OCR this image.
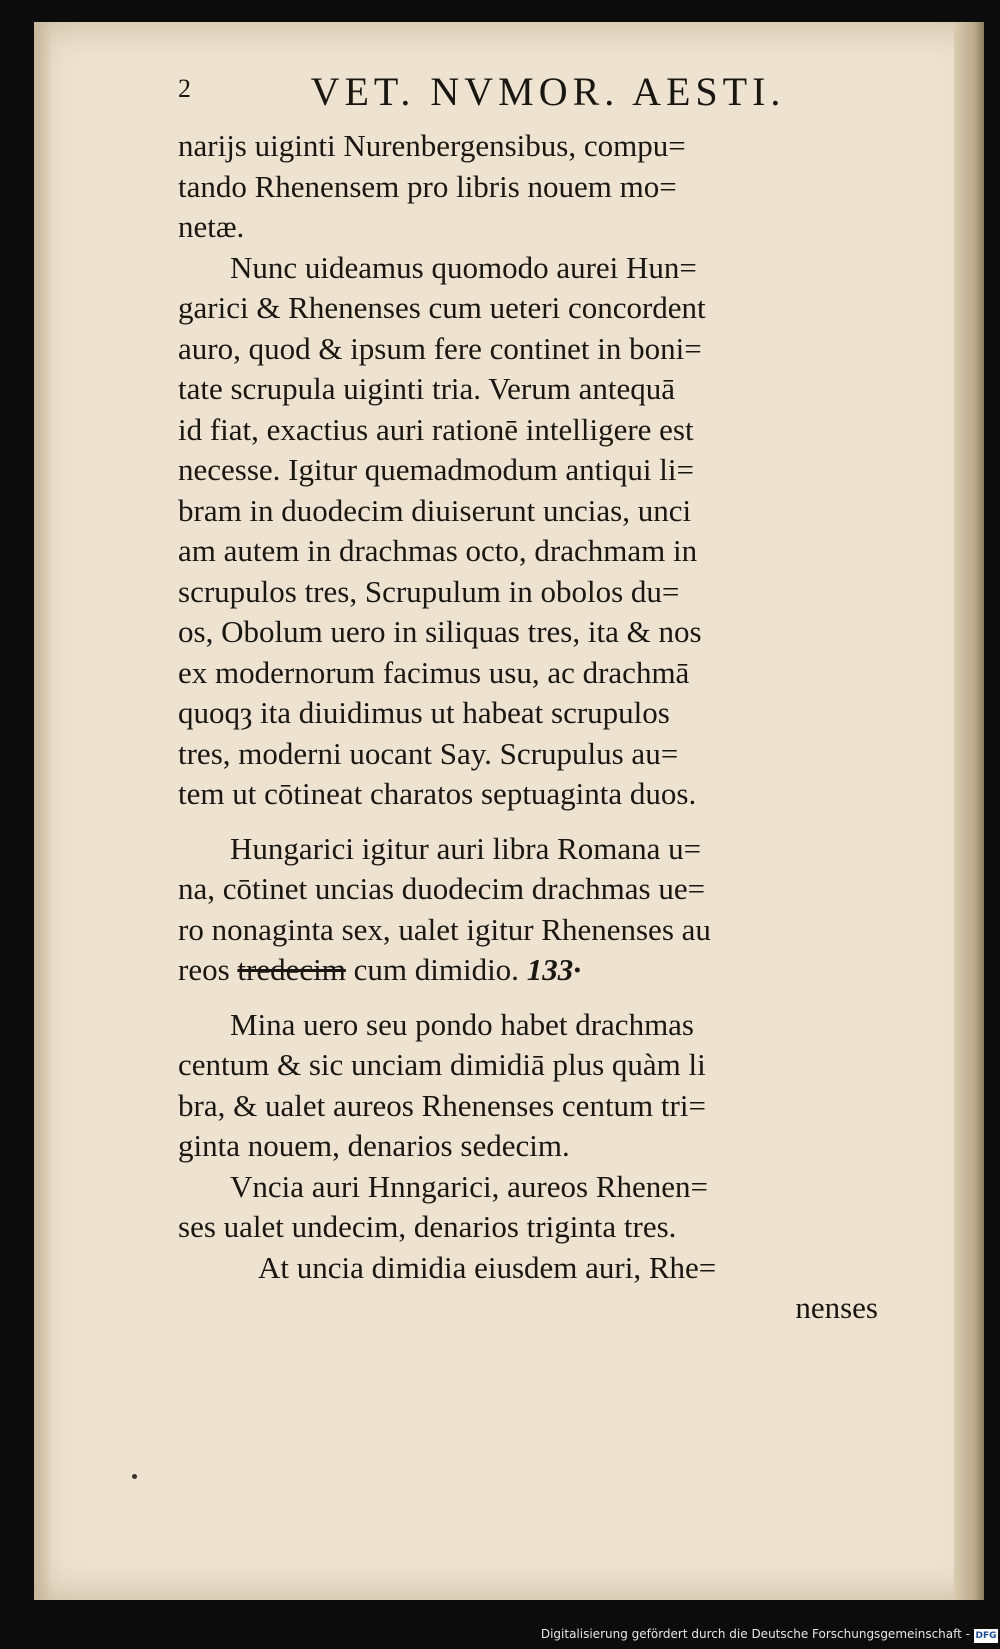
2	VET. NVMOR. AESTI.
narijs uiginti Nurenbergensibus, compu=
tando Rhenensem pro libris nouem mo=
netæ.
Nunc uideamus quomodo aurei Hun=
garici & Rhenenses cum ueteri concordent
auro, quod & ipsum fere continet in boni=
tate scrupula uiginti tria. Verum antequā
id fiat, exactius auri rationē intelligere est
necesse. Igitur quemadmodum antiqui li=
bram in duodecim diuiserunt uncias, unci
am autem in drachmas octo, drachmam in
scrupulos tres, Scrupulum in obolos du=
os, Obolum uero in siliquas tres, ita & nos
ex modernorum facimus usu, ac drachmā
quoqȝ ita diuidimus ut habeat scrupulos
tres, moderni uocant Say. Scrupulus au=
tem ut cōtineat charatos septuaginta duos.
Hungarici igitur auri libra Romana u=
na, cōtinet uncias duodecim drachmas ue=
ro nonaginta sex, ualet igitur Rhenenses au
reos tredecim cum dimidio. 133·
Mina uero seu pondo habet drachmas
centum & sic unciam dimidiā plus quàm li
bra, & ualet aureos Rhenenses centum tri=
ginta nouem, denarios sedecim.
Vncia auri Hnngarici, aureos Rhenen=
ses ualet undecim, denarios triginta tres.
At uncia dimidia eiusdem auri, Rhe=
nenses
Digitalisierung gefördert durch die Deutsche Forschungsgemeinschaft - DFG
